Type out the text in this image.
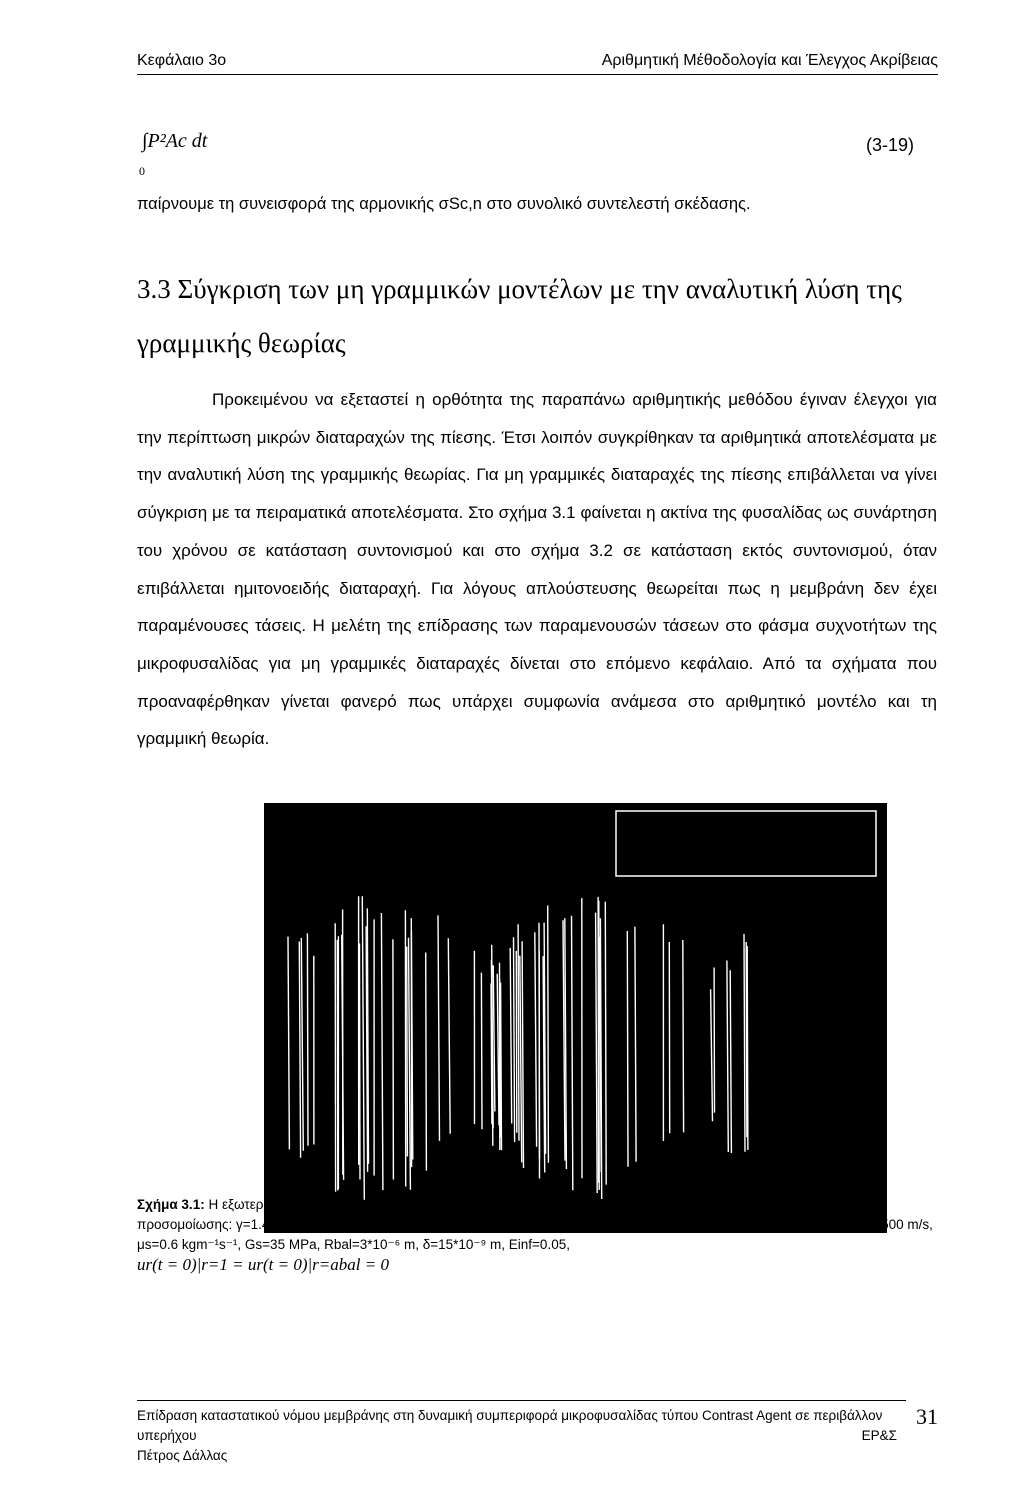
Κεφάλαιο 3ο	Αριθμητική Μέθοδολογία και Έλεγχος Ακρίβειας
∫P²Ac dt
0
(3-19)
παίρνουμε τη συνεισφορά της αρμονικής σSc,n στο συνολικό συντελεστή σκέδασης.
3.3 Σύγκριση των μη γραμμικών μοντέλων με την αναλυτική λύση της γραμμικής θεωρίας

Προκειμένου να εξεταστεί η ορθότητα της παραπάνω αριθμητικής μεθόδου έγιναν έλεγχοι για την περίπτωση μικρών διαταραχών της πίεσης. Έτσι λοιπόν συγκρίθηκαν τα αριθμητικά αποτελέσματα με την αναλυτική λύση της γραμμικής θεωρίας. Για μη γραμμικές διαταραχές της πίεσης επιβάλλεται να γίνει σύγκριση με τα πειραματικά αποτελέσματα. Στο σχήμα 3.1 φαίνεται η ακτίνα της φυσαλίδας ως συνάρτηση του χρόνου σε κατάσταση συντονισμού και στο σχήμα 3.2 σε κατάσταση εκτός συντονισμού, όταν επιβάλλεται ημιτονοειδής διαταραχή. Για λόγους απλούστευσης θεωρείται πως η μεμβράνη δεν έχει παραμένουσες τάσεις. Η μελέτη της επίδρασης των παραμενουσών τάσεων στο φάσμα συχνοτήτων της μικροφυσαλίδας για μη γραμμικές διαταραχές δίνεται στο επόμενο κεφάλαιο. Από τα σχήματα που προαναφέρθηκαν γίνεται φανερό πως υπάρχει συμφωνία ανάμεσα στο αριθμητικό μοντέλο και τη γραμμική θεωρία.

Σχήμα 3.1: Η εξωτερική ακτίνα της μικροφυσαλίδας ως συνάρτηση του χρόνου σε κατάσταση συντονισμού. Δεδομένα προσομοίωσης: γ=1.4, Pinf=101325 Pa, ρl=998 kg/m³, s1=0.04 κg/s², s2=0.005 kg/s²,s=0.045 κg/s² μl=0.001 kgm⁻¹s⁻¹, Cl=1500 m/s, μs=0.6 kgm⁻¹s⁻¹, Gs=35 MPa, Rbal=3*10⁻⁶ m, δ=15*10⁻⁹ m, Einf=0.05,
ur(t = 0)|r=1 = ur(t = 0)|r=abal = 0
Επίδραση καταστατικού νόμου μεμβράνης στη δυναμική συμπεριφορά μικροφυσαλίδας τύπου Contrast Agent σε περιβάλλον υπερήχου
Πέτρος Δάλλας
ΕΡ&Σ
31
